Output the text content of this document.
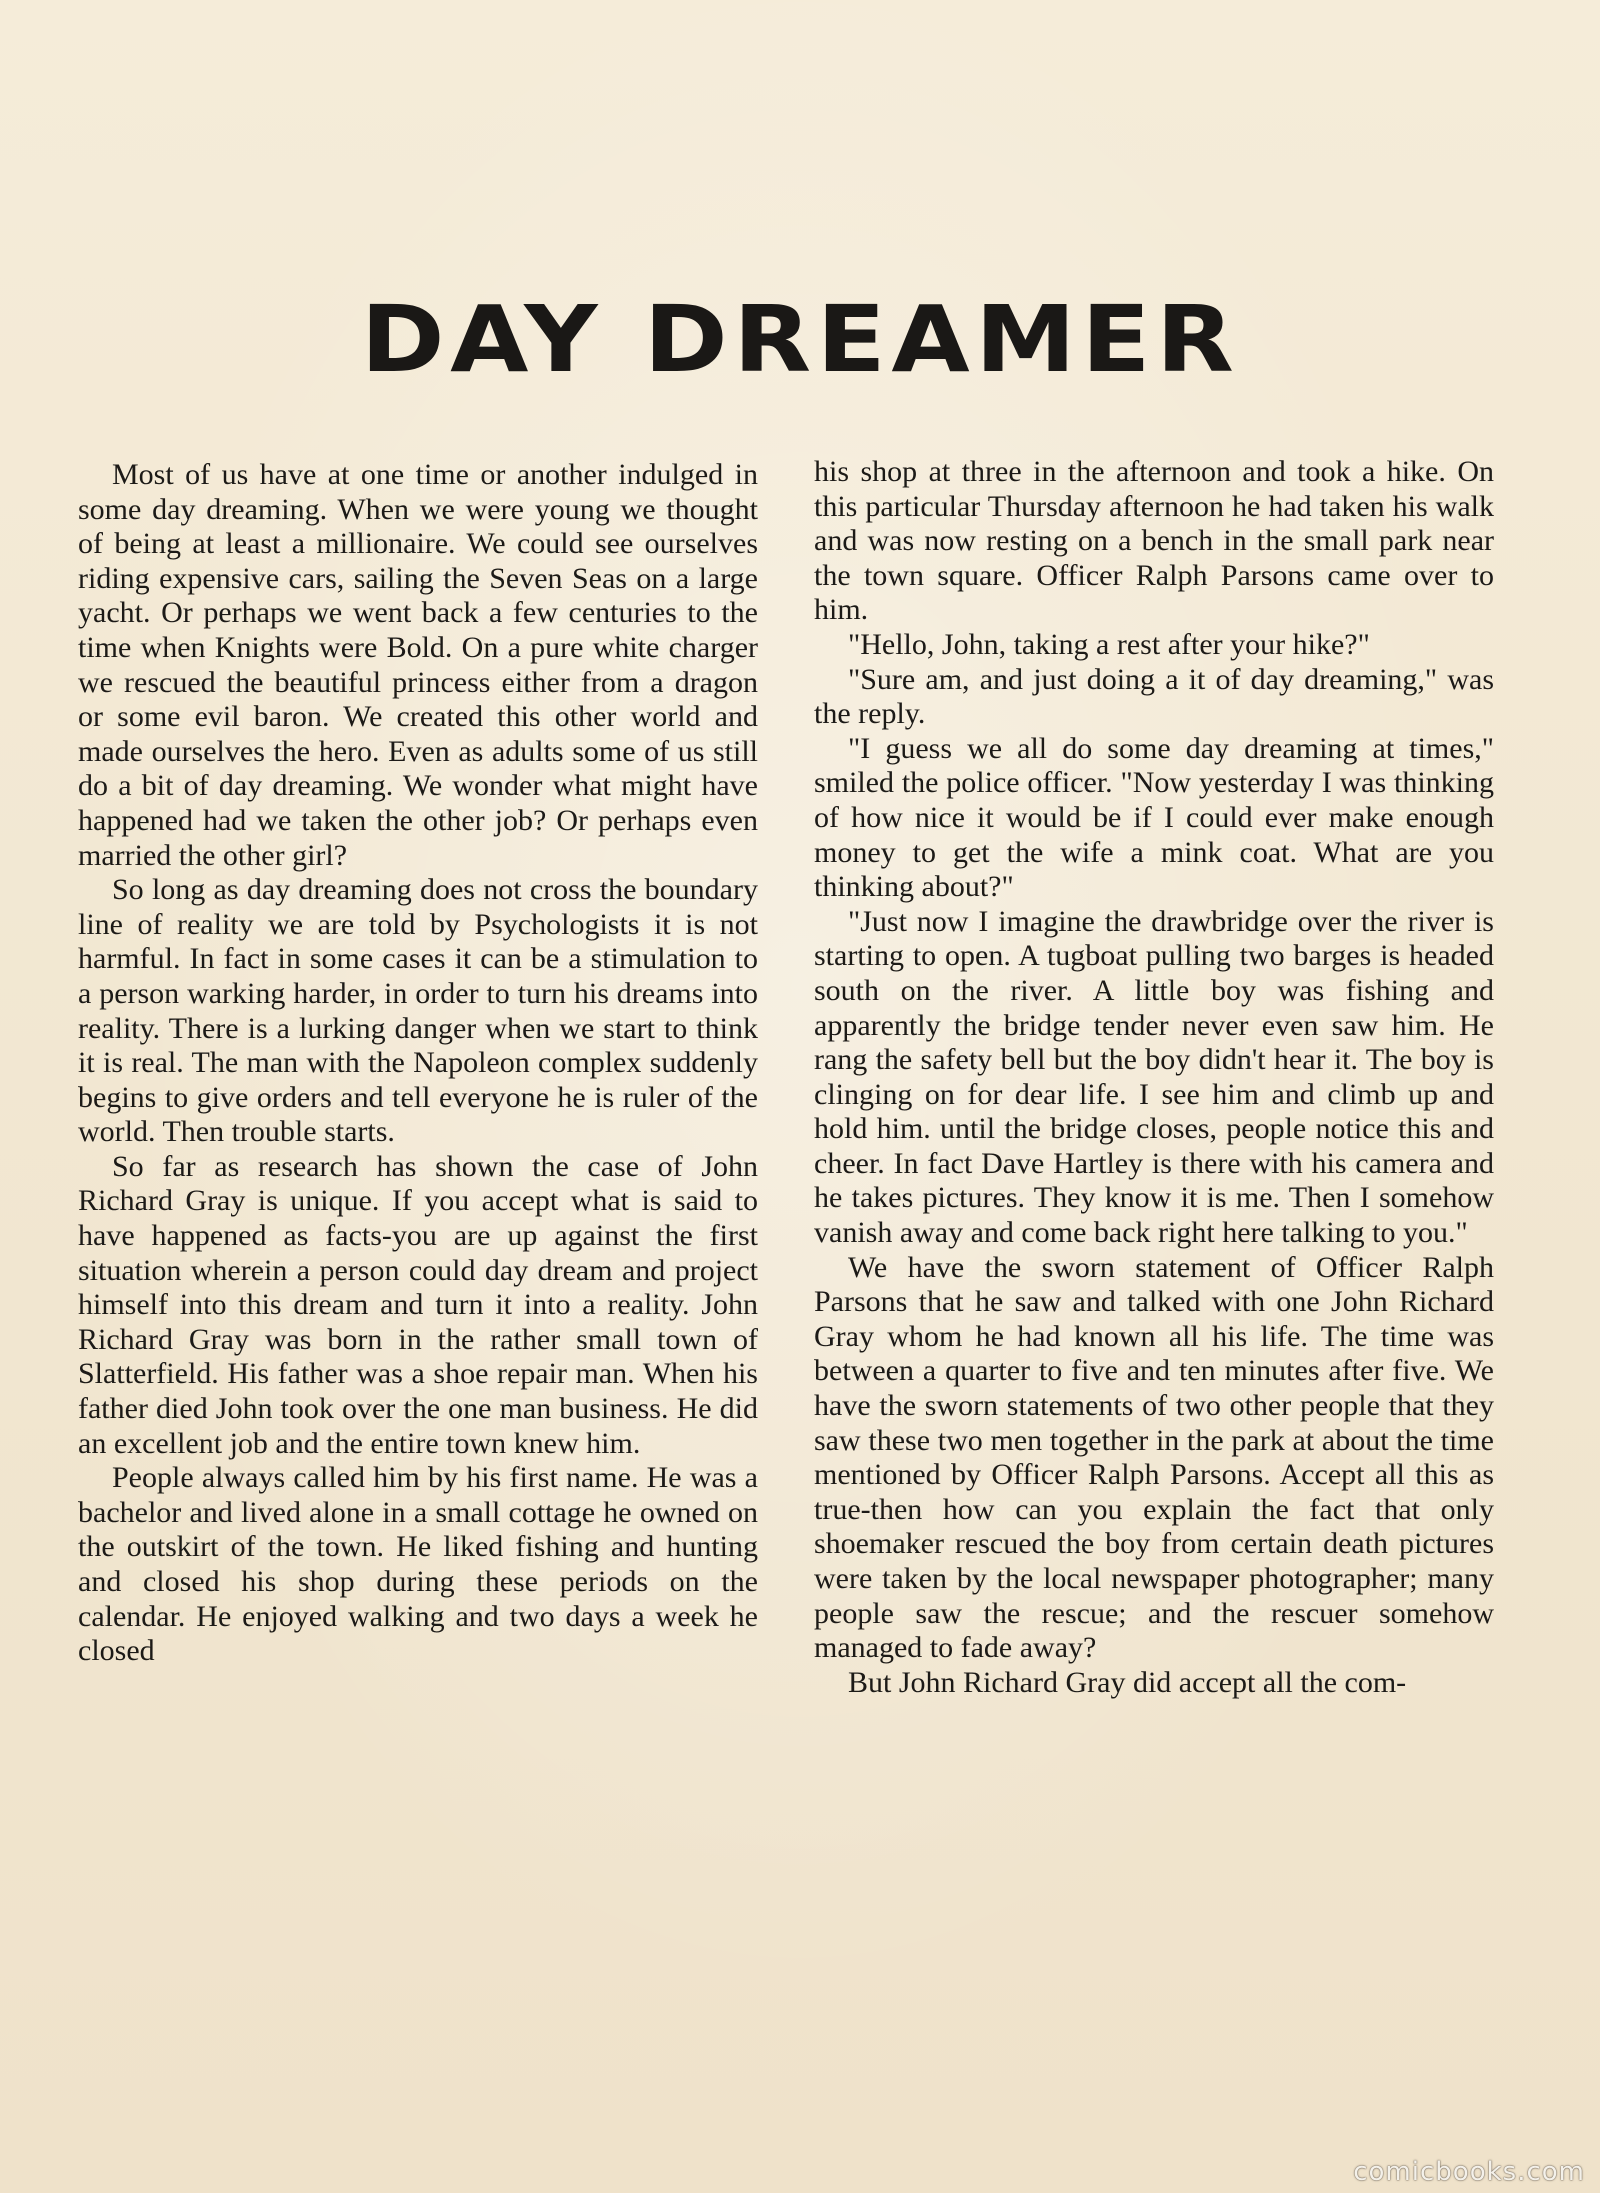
DAY DREAMER

Most of us have at one time or another indulged in some day dreaming. When we were young we thought of being at least a millionaire. We could see ourselves riding expensive cars, sailing the Seven Seas on a large yacht. Or perhaps we went back a few centuries to the time when Knights were Bold. On a pure white charger we rescued the beautiful princess either from a dragon or some evil baron. We created this other world and made ourselves the hero. Even as adults some of us still do a bit of day dreaming. We wonder what might have happened had we taken the other job? Or perhaps even married the other girl?

So long as day dreaming does not cross the boundary line of reality we are told by Psychologists it is not harmful. In fact in some cases it can be a stimulation to a person warking harder, in order to turn his dreams into reality. There is a lurking danger when we start to think it is real. The man with the Napoleon complex suddenly begins to give orders and tell everyone he is ruler of the world. Then trouble starts.

So far as research has shown the case of John Richard Gray is unique. If you accept what is said to have happened as facts-you are up against the first situation wherein a person could day dream and project himself into this dream and turn it into a reality. John Richard Gray was born in the rather small town of Slatterfield. His father was a shoe repair man. When his father died John took over the one man business. He did an excellent job and the entire town knew him.

People always called him by his first name. He was a bachelor and lived alone in a small cottage he owned on the outskirt of the town. He liked fishing and hunting and closed his shop during these periods on the calendar. He enjoyed walking and two days a week he closed

his shop at three in the afternoon and took a hike. On this particular Thursday afternoon he had taken his walk and was now resting on a bench in the small park near the town square. Officer Ralph Parsons came over to him.

"Hello, John, taking a rest after your hike?"

"Sure am, and just doing a it of day dreaming," was the reply.

"I guess we all do some day dreaming at times," smiled the police officer. "Now yesterday I was thinking of how nice it would be if I could ever make enough money to get the wife a mink coat. What are you thinking about?"

"Just now I imagine the drawbridge over the river is starting to open. A tugboat pulling two barges is headed south on the river. A little boy was fishing and apparently the bridge tender never even saw him. He rang the safety bell but the boy didn't hear it. The boy is clinging on for dear life. I see him and climb up and hold him. until the bridge closes, people notice this and cheer. In fact Dave Hartley is there with his camera and he takes pictures. They know it is me. Then I somehow vanish away and come back right here talking to you."

We have the sworn statement of Officer Ralph Parsons that he saw and talked with one John Richard Gray whom he had known all his life. The time was between a quarter to five and ten minutes after five. We have the sworn statements of two other people that they saw these two men together in the park at about the time mentioned by Officer Ralph Parsons. Accept all this as true-then how can you explain the fact that only shoemaker rescued the boy from certain death pictures were taken by the local newspaper photographer; many people saw the rescue; and the rescuer somehow managed to fade away?

But John Richard Gray did accept all the com-

comicbooks.com
